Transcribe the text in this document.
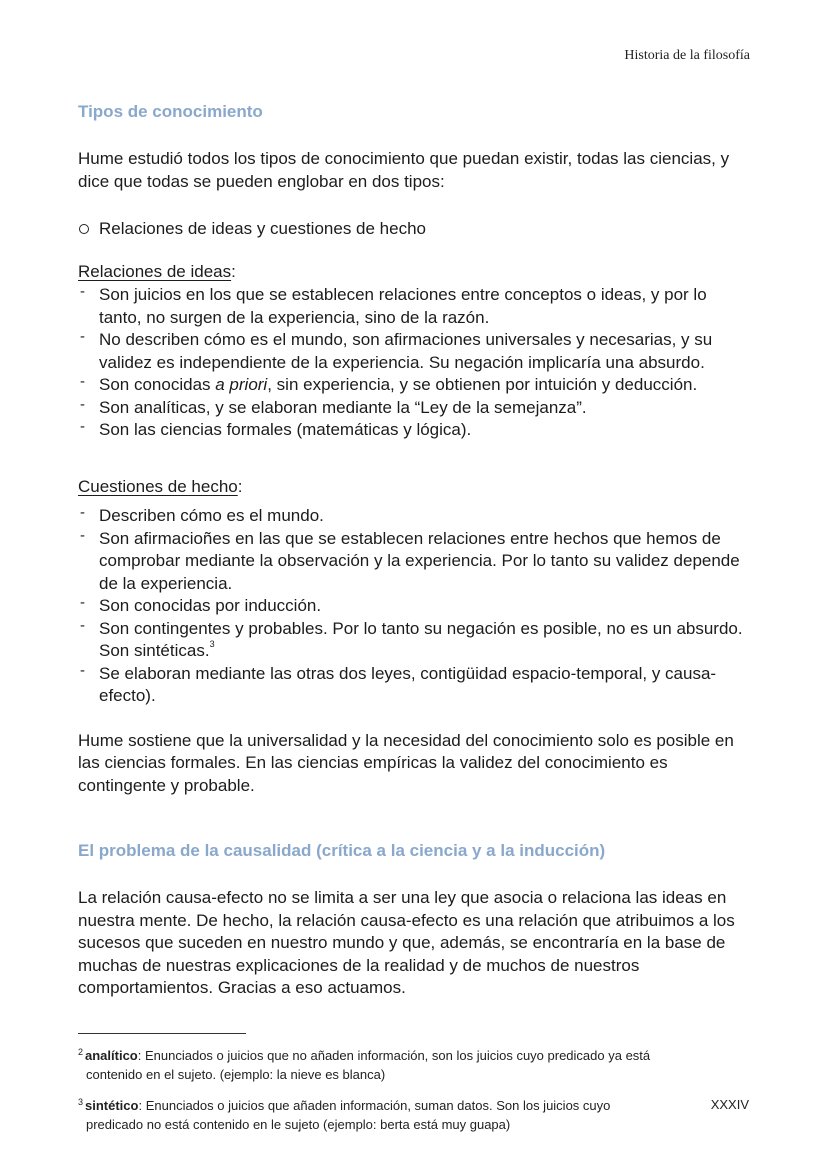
Historia de la filosofía
Tipos de conocimiento

Hume estudió todos los tipos de conocimiento que puedan existir, todas las ciencias, y dice que todas se pueden englobar en dos tipos:

Relaciones de ideas y cuestiones de hecho
Relaciones de ideas:
- Son juicios en los que se establecen relaciones entre conceptos o ideas, y por lo tanto, no surgen de la experiencia, sino de la razón.
- No describen cómo es el mundo, son afirmaciones universales y necesarias, y su validez es independiente de la experiencia. Su negación implicaría una absurdo.
- Son conocidas a priori, sin experiencia, y se obtienen por intuición y deducción.
- Son analíticas, y se elaboran mediante la “Ley de la semejanza”.
- Son las ciencias formales (matemáticas y lógica).
Cuestiones de hecho:
- Describen cómo es el mundo.
- Son afirmacioñes en las que se establecen relaciones entre hechos que hemos de comprobar mediante la observación y la experiencia. Por lo tanto su validez depende de la experiencia.
- Son conocidas por inducción.
- Son contingentes y probables. Por lo tanto su negación es posible, no es un absurdo. Son sintéticas.$^3$
- Se elaboran mediante las otras dos leyes, contigüidad espacio-temporal, y causa-efecto).

Hume sostiene que la universalidad y la necesidad del conocimiento solo es posible en las ciencias formales. En las ciencias empíricas la validez del conocimiento es contingente y probable.

El problema de la causalidad (crítica a la ciencia y a la inducción)

La relación causa-efecto no se limita a ser una ley que asocia o relaciona las ideas en nuestra mente. De hecho, la relación causa-efecto es una relación que atribuimos a los sucesos que suceden en nuestro mundo y que, además, se encontraría en la base de muchas de nuestras explicaciones de la realidad y de muchos de nuestros comportamientos. Gracias a eso actuamos.

$^2$ analítico: Enunciados o juicios que no añaden información, son los juicios cuyo predicado ya está
contenido en el sujeto. (ejemplo: la nieve es blanca)
$^3$ sintético: Enunciados o juicios que añaden información, suman datos. Son los juicios cuyo
predicado no está contenido en le sujeto (ejemplo: berta está muy guapa)
XXXIV
